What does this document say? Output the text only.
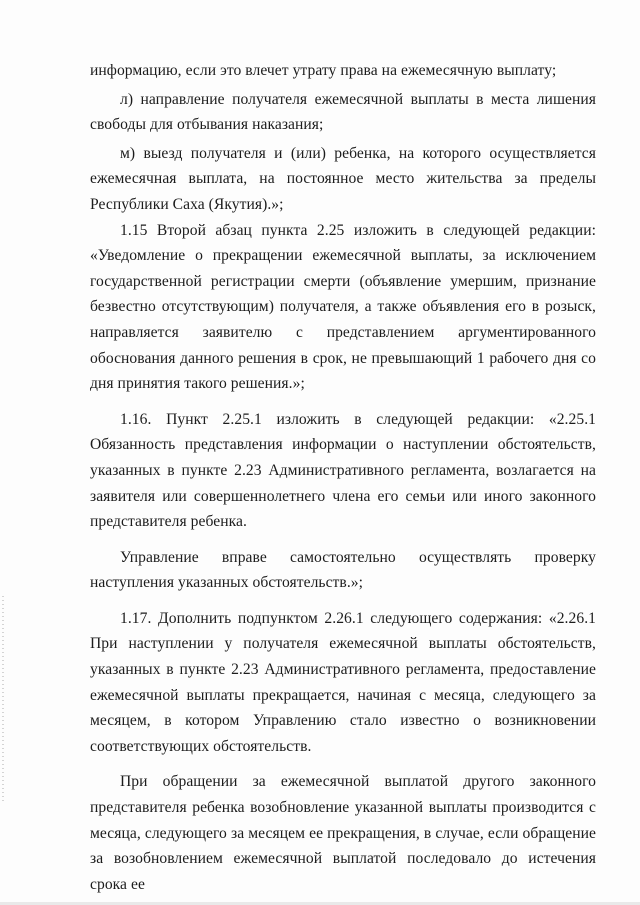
информацию, если это влечет утрату права на ежемесячную выплату;

л) направление получателя ежемесячной выплаты в места лишения свободы для отбывания наказания;

м) выезд получателя и (или) ребенка, на которого осуществляется ежемесячная выплата, на постоянное место жительства за пределы Республики Саха (Якутия).»;

1.15 Второй абзац пункта 2.25 изложить в следующей редакции: «Уведомление о прекращении ежемесячной выплаты, за исключением государственной регистрации смерти (объявление умершим, признание безвестно отсутствующим) получателя, а также объявления его в розыск, направляется заявителю с представлением аргументированного обоснования данного решения в срок, не превышающий 1 рабочего дня со дня принятия такого решения.»;

1.16. Пункт 2.25.1 изложить в следующей редакции: «2.25.1 Обязанность представления информации о наступлении обстоятельств, указанных в пункте 2.23 Административного регламента, возлагается на заявителя или совершеннолетнего члена его семьи или иного законного представителя ребенка.

Управление вправе самостоятельно осуществлять проверку наступления указанных обстоятельств.»;

1.17. Дополнить подпунктом 2.26.1 следующего содержания: «2.26.1 При наступлении у получателя ежемесячной выплаты обстоятельств, указанных в пункте 2.23 Административного регламента, предоставление ежемесячной выплаты прекращается, начиная с месяца, следующего за месяцем, в котором Управлению стало известно о возникновении соответствующих обстоятельств.

При обращении за ежемесячной выплатой другого законного представителя ребенка возобновление указанной выплаты производится с месяца, следующего за месяцем ее прекращения, в случае, если обращение за возобновлением ежемесячной выплатой последовало до истечения срока ее
